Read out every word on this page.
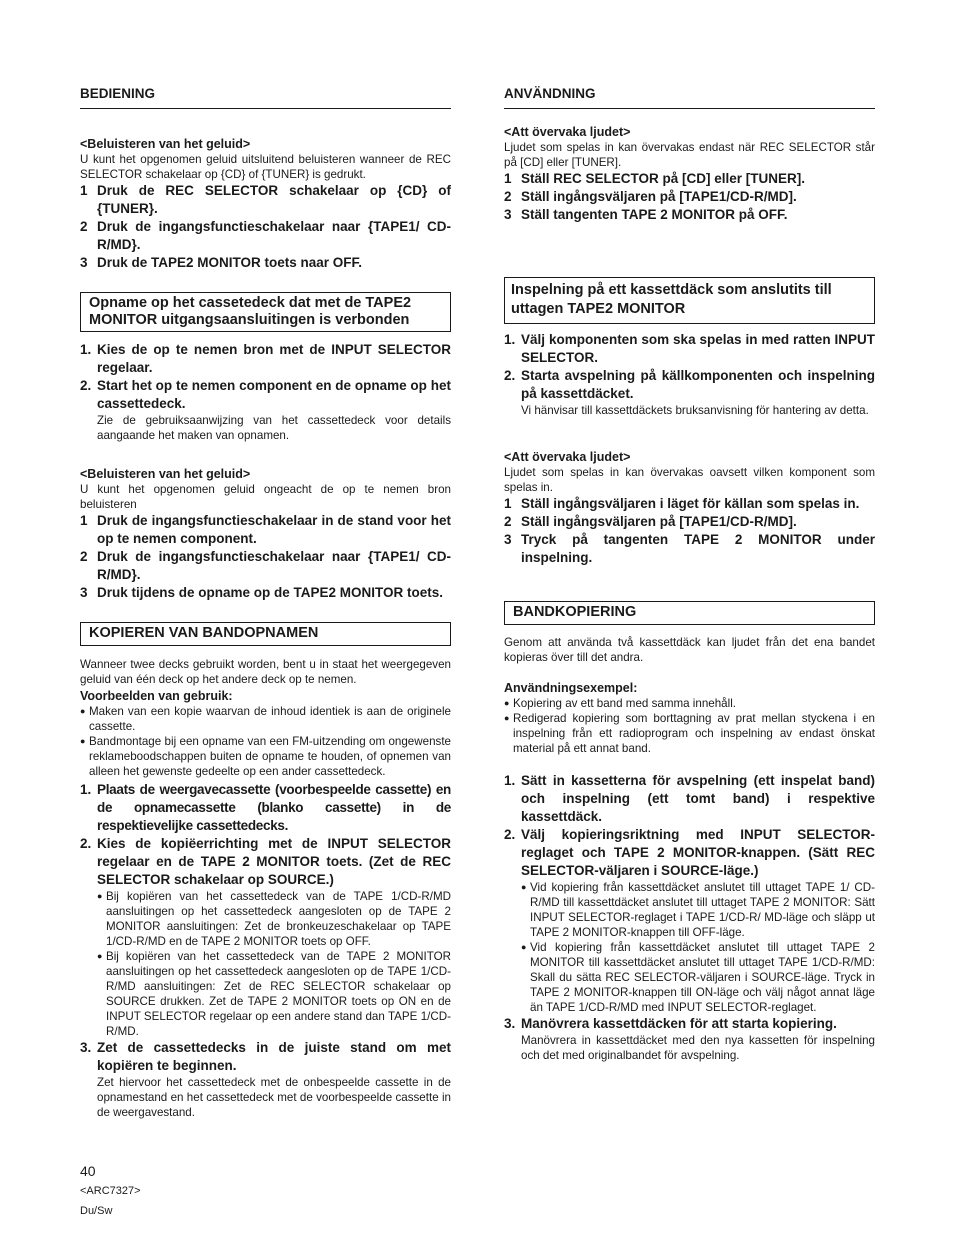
BEDIENING
<Beluisteren van het geluid>
U kunt het opgenomen geluid uitsluitend beluisteren wanneer de REC SELECTOR schakelaar op {CD} of {TUNER} is gedrukt.
1 Druk de REC SELECTOR schakelaar op {CD} of {TUNER}.
2 Druk de ingangsfunctieschakelaar naar {TAPE1/ CD-R/MD}.
3 Druk de TAPE2 MONITOR toets naar OFF.
Opname op het cassetedeck dat met de TAPE2 MONITOR uitgangsaansluitingen is verbonden
1. Kies de op te nemen bron met de INPUT SELECTOR regelaar.
2. Start het op te nemen component en de opname op het cassettedeck.
Zie de gebruiksaanwijzing van het cassettedeck voor details aangaande het maken van opnamen.
<Beluisteren van het geluid>
U kunt het opgenomen geluid ongeacht de op te nemen bron beluisteren
1 Druk de ingangsfunctieschakelaar in de stand voor het op te nemen component.
2 Druk de ingangsfunctieschakelaar naar {TAPE1/ CD-R/MD}.
3 Druk tijdens de opname op de TAPE2 MONITOR toets.
KOPIEREN VAN BANDOPNAMEN
Wanneer twee decks gebruikt worden, bent u in staat het weergegeven geluid van één deck op het andere deck op te nemen.
Voorbeelden van gebruik:
● Maken van een kopie waarvan de inhoud identiek is aan de originele cassette.
● Bandmontage bij een opname van een FM-uitzending om ongewenste reklameboodschappen buiten de opname te houden, of opnemen van alleen het gewenste gedeelte op een ander cassettedeck.
1. Plaats de weergavecassette (voorbespeelde cassette) en de opnamecassette (blanko cassette) in de respektievelijke cassettedecks.
2. Kies de kopiëerrichting met de INPUT SELECTOR regelaar en de TAPE 2 MONITOR toets. (Zet de REC SELECTOR schakelaar op SOURCE.)
● Bij kopiëren van het cassettedeck van de TAPE 1/CD-R/MD aansluitingen op het cassettedeck aangesloten op de TAPE 2 MONITOR aansluitingen: Zet de bronkeuzeschakelaar op TAPE 1/CD-R/MD en de TAPE 2 MONITOR toets op OFF.
● Bij kopiëren van het cassettedeck van de TAPE 2 MONITOR aansluitingen op het cassettedeck aangesloten op de TAPE 1/CD-R/MD aansluitingen: Zet de REC SELECTOR schakelaar op SOURCE drukken. Zet de TAPE 2 MONITOR toets op ON en de INPUT SELECTOR regelaar op een andere stand dan TAPE 1/CD-R/MD.
3. Zet de cassettedecks in de juiste stand om met kopiëren te beginnen.
Zet hiervoor het cassettedeck met de onbespeelde cassette in de opnamestand en het cassettedeck met de voorbespeelde cassette in de weergavestand.
ANVÄNDNING
<Att övervaka ljudet>
Ljudet som spelas in kan övervakas endast när REC SELECTOR står på [CD] eller [TUNER].
1 Ställ REC SELECTOR på [CD] eller [TUNER].
2 Ställ ingångsväljaren på [TAPE1/CD-R/MD].
3 Ställ tangenten TAPE 2 MONITOR på OFF.
Inspelning på ett kassettdäck som anslutits till uttagen TAPE2 MONITOR
1. Välj komponenten som ska spelas in med ratten INPUT SELECTOR.
2. Starta avspelning på källkomponenten och inspelning på kassettdäcket.
Vi hänvisar till kassettdäckets bruksanvisning för hantering av detta.
<Att övervaka ljudet>
Ljudet som spelas in kan övervakas oavsett vilken komponent som spelas in.
1 Ställ ingångsväljaren i läget för källan som spelas in.
2 Ställ ingångsväljaren på [TAPE1/CD-R/MD].
3 Tryck på tangenten TAPE 2 MONITOR under inspelning.
BANDKOPIERING
Genom att använda två kassettdäck kan ljudet från det ena bandet kopieras över till det andra.
Användningsexempel:
● Kopiering av ett band med samma innehåll.
● Redigerad kopiering som borttagning av prat mellan styckena i en inspelning från ett radioprogram och inspelning av endast önskat material på ett annat band.
1. Sätt in kassetterna för avspelning (ett inspelat band) och inspelning (ett tomt band) i respektive kassettdäck.
2. Välj kopieringsriktning med INPUT SELECTOR-reglaget och TAPE 2 MONITOR-knappen. (Sätt REC SELECTOR-väljaren i SOURCE-läge.)
● Vid kopiering från kassettdäcket anslutet till uttaget TAPE 1/ CD-R/MD till kassettdäcket anslutet till uttaget TAPE 2 MONITOR: Sätt INPUT SELECTOR-reglaget i TAPE 1/CD-R/ MD-läge och släpp ut TAPE 2 MONITOR-knappen till OFF-läge.
● Vid kopiering från kassettdäcket anslutet till uttaget TAPE 2 MONITOR till kassettdäcket anslutet till uttaget TAPE 1/CD-R/MD: Skall du sätta REC SELECTOR-väljaren i SOURCE-läge. Tryck in TAPE 2 MONITOR-knappen till ON-läge och välj något annat läge än TAPE 1/CD-R/MD med INPUT SELECTOR-reglaget.
3. Manövrera kassettdäcken för att starta kopiering.
Manövrera in kassettdäcket med den nya kassetten för inspelning och det med originalbandet för avspelning.
40
<ARC7327>
Du/Sw
